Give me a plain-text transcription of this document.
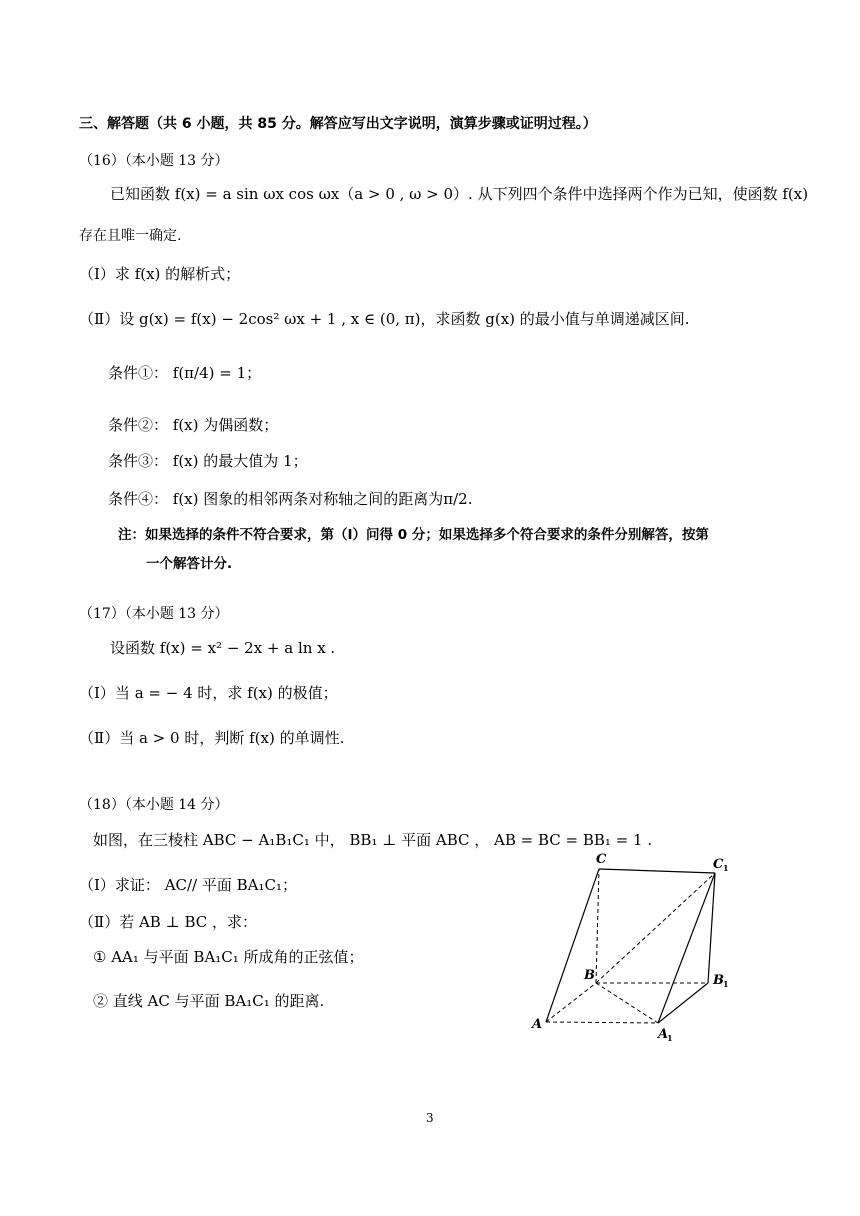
三、解答题（共 6 小题，共 85 分。解答应写出文字说明，演算步骤或证明过程。）
（16）（本小题 13 分）
已知函数 f(x) = a sin ωx cos ωx（a > 0 , ω > 0）. 从下列四个条件中选择两个作为已知，使函数 f(x)
存在且唯一确定.
（Ⅰ）求 f(x) 的解析式；
（Ⅱ）设 g(x) = f(x) − 2cos² ωx + 1 , x ∈ (0, π)，求函数 g(x) 的最小值与单调递减区间.
条件①： f(π/4) = 1；
条件②： f(x) 为偶函数；
条件③： f(x) 的最大值为 1；
条件④： f(x) 图象的相邻两条对称轴之间的距离为π/2.
注：如果选择的条件不符合要求，第（I）问得 0 分；如果选择多个符合要求的条件分别解答，按第
一个解答计分.
（17）（本小题 13 分）
设函数 f(x) = x² − 2x + a ln x .
（Ⅰ）当 a = − 4 时，求 f(x) 的极值；
（Ⅱ）当 a > 0 时，判断 f(x) 的单调性.
（18）（本小题 14 分）
如图，在三棱柱 ABC − A₁B₁C₁ 中， BB₁ ⊥ 平面 ABC ， AB = BC = BB₁ = 1 .
（Ⅰ）求证： AC// 平面 BA₁C₁；
（Ⅱ）若 AB ⊥ BC ，求：
① AA₁ 与平面 BA₁C₁ 所成角的正弦值；
② 直线 AC 与平面 BA₁C₁ 的距离.
C	C 1
B	B 1
A
A
1
3
